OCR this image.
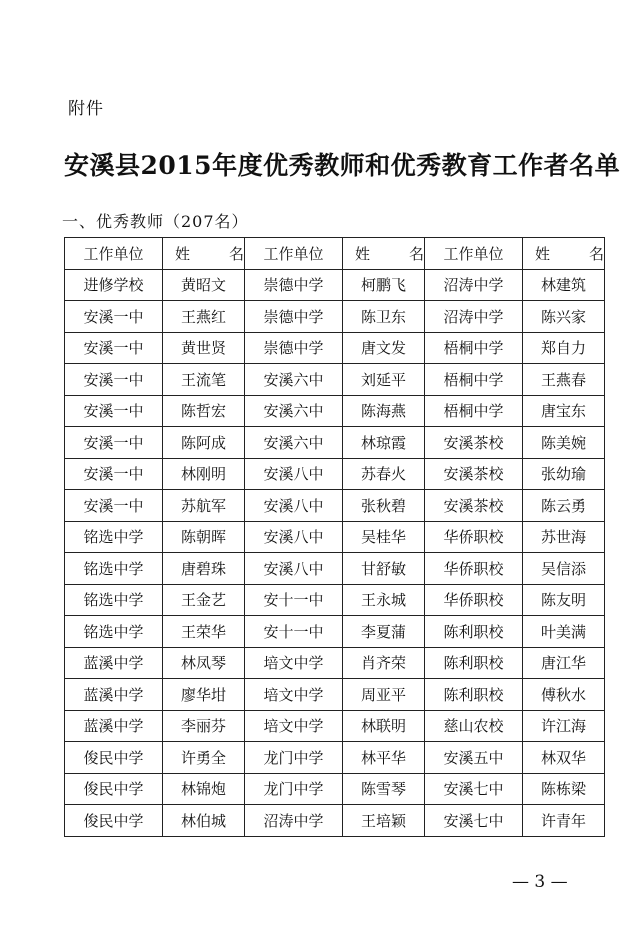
附件
安溪县2015年度优秀教师和优秀教育工作者名单
一、优秀教师（207名）
工作单位	姓　名	工作单位	姓　名	工作单位	姓　名
进修学校	黄昭文	崇德中学	柯鹏飞	沼涛中学	林建筑
安溪一中	王燕红	崇德中学	陈卫东	沼涛中学	陈兴家
安溪一中	黄世贤	崇德中学	唐文发	梧桐中学	郑自力
安溪一中	王流笔	安溪六中	刘延平	梧桐中学	王燕春
安溪一中	陈哲宏	安溪六中	陈海燕	梧桐中学	唐宝东
安溪一中	陈阿成	安溪六中	林琼霞	安溪茶校	陈美婉
安溪一中	林刚明	安溪八中	苏春火	安溪茶校	张幼瑜
安溪一中	苏航军	安溪八中	张秋碧	安溪茶校	陈云勇
铭选中学	陈朝晖	安溪八中	吴桂华	华侨职校	苏世海
铭选中学	唐碧珠	安溪八中	甘舒敏	华侨职校	吴信添
铭选中学	王金艺	安十一中	王永城	华侨职校	陈友明
铭选中学	王荣华	安十一中	李夏蒲	陈利职校	叶美满
蓝溪中学	林凤琴	培文中学	肖齐荣	陈利职校	唐江华
蓝溪中学	廖华坩	培文中学	周亚平	陈利职校	傅秋水
蓝溪中学	李丽芬	培文中学	林联明	慈山农校	许江海
俊民中学	许勇全	龙门中学	林平华	安溪五中	林双华
俊民中学	林锦炮	龙门中学	陈雪琴	安溪七中	陈栋梁
俊民中学	林伯城	沼涛中学	王培颖	安溪七中	许青年
— 3 —
